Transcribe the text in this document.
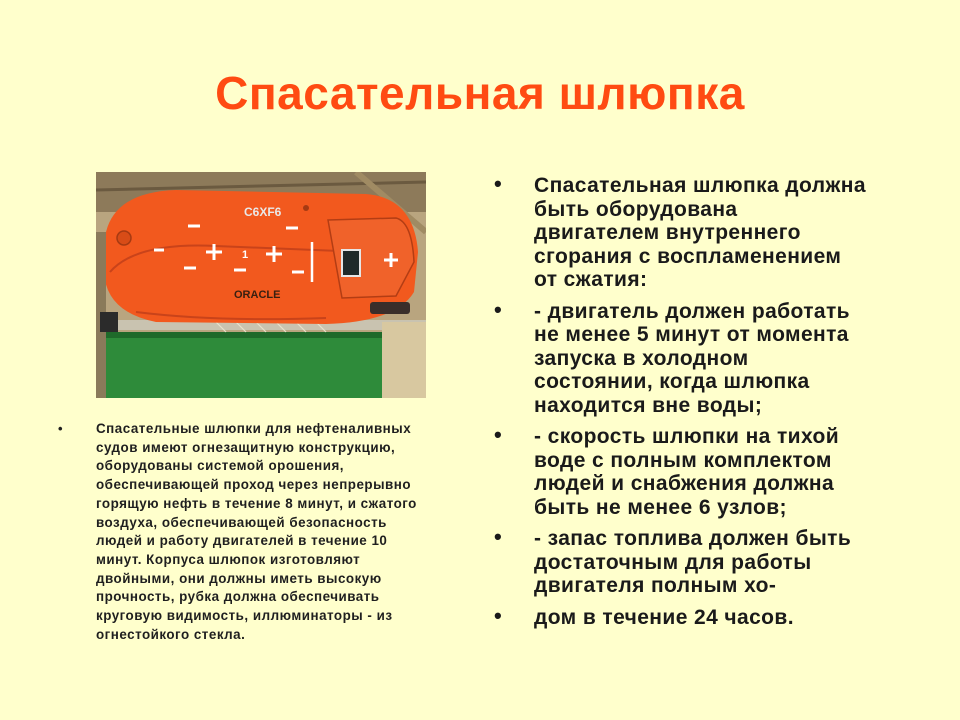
Спасательная шлюпка
C6XF6
ORACLE
1
• Спасательные шлюпки для нефтеналивных
судов имеют огнезащитную конструкцию,
оборудованы системой орошения,
обеспечивающей проход через непрерывно
горящую нефть в течение 8 минут, и сжатого
воздуха, обеспечивающей безопасность
людей и работу двигателей в течение 10
минут. Корпуса шлюпок изготовляют
двойными, они должны иметь высокую
прочность, рубка должна обеспечивать
круговую видимость, иллюминаторы - из
огнестойкого стекла.
• Спасательная шлюпка должна
быть оборудована
двигателем внутреннего
сгорания с воспламенением
от сжатия:
• - двигатель должен работать
не менее 5 минут от момента
запуска в холодном
состоянии, когда шлюпка
находится вне воды;
• - скорость шлюпки на тихой
воде с полным комплектом
людей и снабжения должна
быть не менее 6 узлов;
• - запас топлива должен быть
достаточным для работы
двигателя полным хо-
• дом в течение 24 часов.
